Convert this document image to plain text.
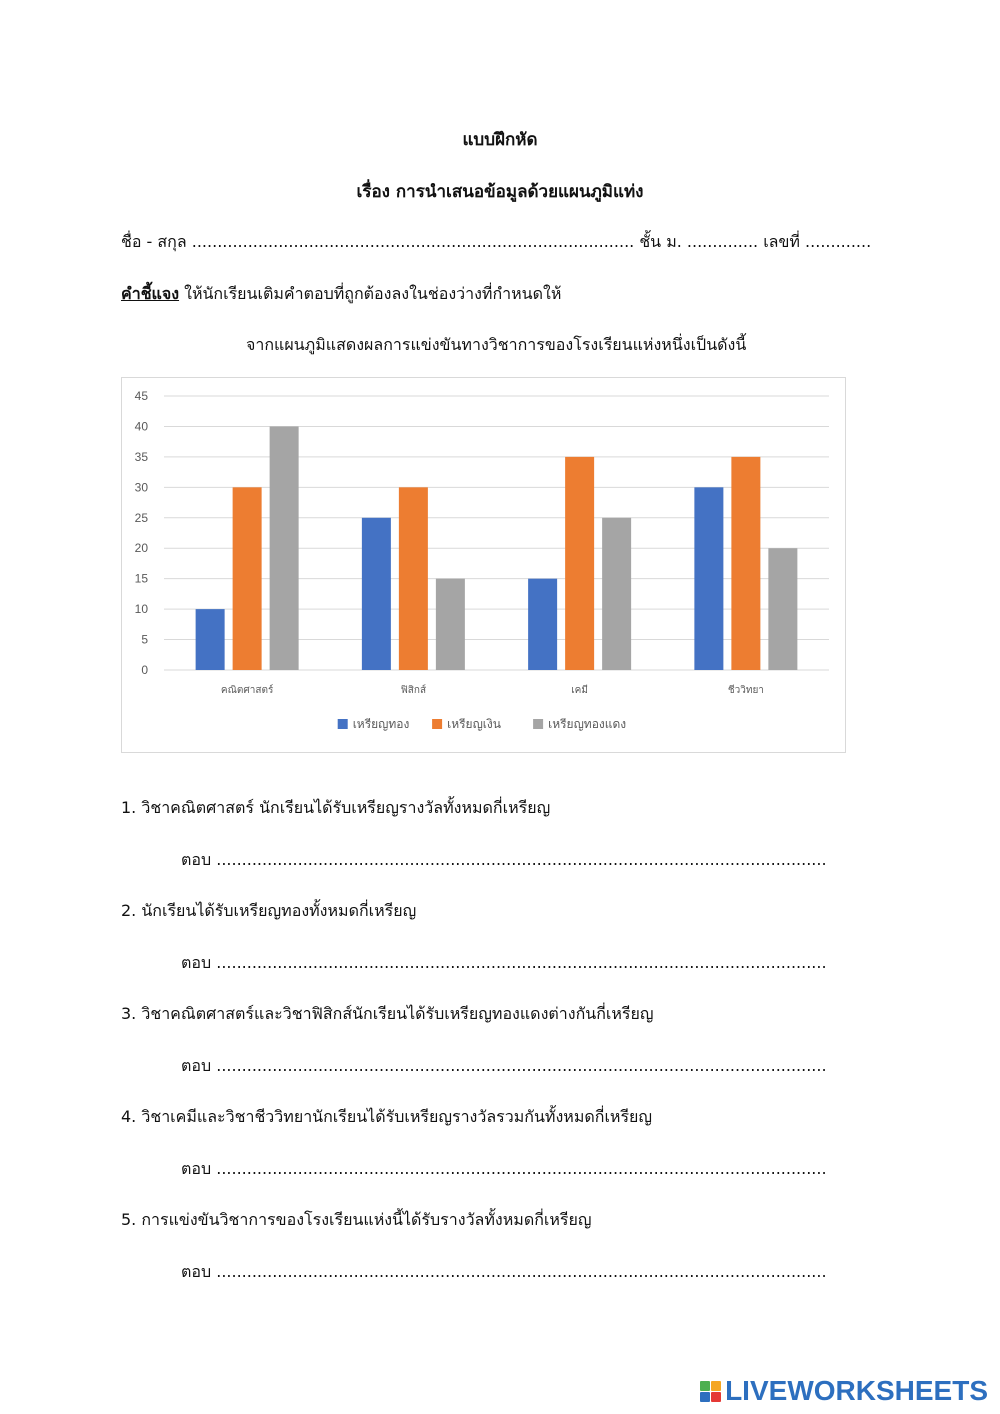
แบบฝึกหัด
เรื่อง การนำเสนอข้อมูลด้วยแผนภูมิแท่ง
ชื่อ - สกุล ....................................................................................... ชั้น ม. .............. เลขที่ .............
คำชี้แจง ให้นักเรียนเติมคำตอบที่ถูกต้องลงในช่องว่างที่กำหนดให้
จากแผนภูมิแสดงผลการแข่งขันทางวิชาการของโรงเรียนแห่งหนึ่งเป็นดังนี้
0
5
10
15
20
25
30
35
40
45
คณิตศาสตร์	ฟิสิกส์	เคมี	ชีววิทยา
เหรียญทอง	เหรียญเงิน	เหรียญทองแดง
1. วิชาคณิตศาสตร์ นักเรียนได้รับเหรียญรางวัลทั้งหมดกี่เหรียญ
ตอบ ........................................................................................................................
2. นักเรียนได้รับเหรียญทองทั้งหมดกี่เหรียญ
ตอบ ........................................................................................................................
3. วิชาคณิตศาสตร์และวิชาฟิสิกส์นักเรียนได้รับเหรียญทองแดงต่างกันกี่เหรียญ
ตอบ ........................................................................................................................
4. วิชาเคมีและวิชาชีววิทยานักเรียนได้รับเหรียญรางวัลรวมกันทั้งหมดกี่เหรียญ
ตอบ ........................................................................................................................
5. การแข่งขันวิชาการของโรงเรียนแห่งนี้ได้รับรางวัลทั้งหมดกี่เหรียญ
ตอบ ........................................................................................................................
LIVEWORKSHEETS
